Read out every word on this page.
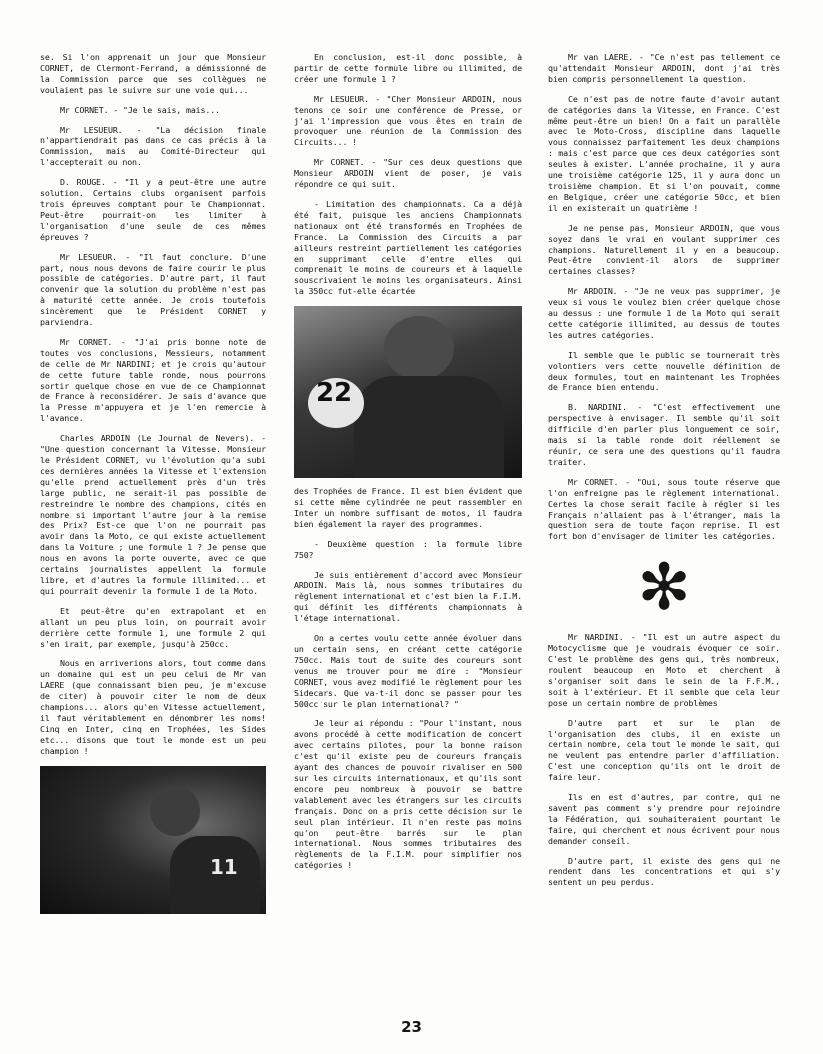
se. Si l'on apprenait un jour que Monsieur CORNET, de Clermont-Ferrand, a démissionné de la Commission parce que ses collègues ne voulaient pas le suivre sur une voie qui...

Mr CORNET. - "Je le sais, mais...

Mr LESUEUR. - "La décision finale n'appartiendrait pas dans ce cas précis à la Commission, mais au Comité-Directeur qui l'accepterait ou non.

D. ROUGE. - "Il y a peut-être une autre solution. Certains clubs organisent parfois trois épreuves comptant pour le Championnat. Peut-être pourrait-on les limiter à l'organisation d'une seule de ces mêmes épreuves ?

Mr LESUEUR. - "Il faut conclure. D'une part, nous nous devons de faire courir le plus possible de catégories. D'autre part, il faut convenir que la solution du problème n'est pas à maturité cette année. Je crois toutefois sincèrement que le Président CORNET y parviendra.

Mr CORNET. - "J'ai pris bonne note de toutes vos conclusions, Messieurs, notamment de celle de Mr NARDINI; et je crois qu'autour de cette future table ronde, nous pourrons sortir quelque chose en vue de ce Championnat de France à reconsidérer. Je sais d'avance que la Presse m'appuyera et je l'en remercie à l'avance.

Charles ARDOIN (Le Journal de Nevers). - "Une question concernant la Vitesse. Monsieur le Président CORNET, vu l'évolution qu'a subi ces dernières années la Vitesse et l'extension qu'elle prend actuellement près d'un très large public, ne serait-il pas possible de restreindre le nombre des champions, cités en nombre si important l'autre jour à la remise des Prix? Est-ce que l'on ne pourrait pas avoir dans la Moto, ce qui existe actuellement dans la Voiture ; une formule 1 ? Je pense que nous en avons la porte ouverte, avec ce que certains journalistes appellent la formule libre, et d'autres la formule illimited... et qui pourrait devenir la formule 1 de la Moto.

Et peut-être qu'en extrapolant et en allant un peu plus loin, on pourrait avoir derrière cette formule 1, une formule 2 qui s'en irait, par exemple, jusqu'à 250cc.

Nous en arriverions alors, tout comme dans un domaine qui est un peu celui de Mr van LAERE (que connaissant bien peu, je m'excuse de citer) à pouvoir citer le nom de deux champions... alors qu'en Vitesse actuellement, il faut véritablement en dénombrer les noms! Cinq en Inter, cinq en Trophées, les Sides etc... disons que tout le monde est un peu champion !

11

En conclusion, est-il donc possible, à partir de cette formule libre ou illimited, de créer une formule 1 ?

Mr LESUEUR. - "Cher Monsieur ARDOIN, nous tenons ce soir une conférence de Presse, or j'ai l'impression que vous êtes en train de provoquer une réunion de la Commission des Circuits... !

Mr CORNET. - "Sur ces deux questions que Monsieur ARDOIN vient de poser, je vais répondre ce qui suit.

- Limitation des championnats. Ca a déjà été fait, puisque les anciens Championnats nationaux ont été transformés en Trophées de France. La Commission des Circuits a par ailleurs restreint partiellement les catégories en supprimant celle d'entre elles qui comprenait le moins de coureurs et à laquelle souscrivaient le moins les organisateurs. Ainsi la 350cc fut-elle écartée

22

des Trophées de France. Il est bien évident que si cette même cylindrée ne peut rassembler en Inter un nombre suffisant de motos, il faudra bien également la rayer des programmes.

- Deuxième question : la formule libre 750?

Je suis entièrement d'accord avec Monsieur ARDOIN. Mais là, nous sommes tributaires du règlement international et c'est bien la F.I.M. qui définit les différents championnats à l'étage international.

On a certes voulu cette année évoluer dans un certain sens, en créant cette catégorie 750cc. Mais tout de suite des coureurs sont venus me trouver pour me dire : "Monsieur CORNET, vous avez modifié le règlement pour les Sidecars. Que va-t-il donc se passer pour les 500cc sur le plan international? "

Je leur ai répondu : "Pour l'instant, nous avons procédé à cette modification de concert avec certains pilotes, pour la bonne raison c'est qu'il existe peu de coureurs français ayant des chances de pouvoir rivaliser en 500 sur les circuits internationaux, et qu'ils sont encore peu nombreux à pouvoir se battre valablement avec les étrangers sur les circuits français. Donc on a pris cette décision sur le seul plan intérieur. Il n'en reste pas moins qu'on peut-être barrés sur le plan international. Nous sommes tributaires des règlements de la F.I.M. pour simplifier nos catégories !

Mr van LAERE. - "Ce n'est pas tellement ce qu'attendait Monsieur ARDOIN, dont j'ai très bien compris personnellement la question.

Ce n'est pas de notre faute d'avoir autant de catégories dans la Vitesse, en France. C'est même peut-être un bien! On a fait un parallèle avec le Moto-Cross, discipline dans laquelle vous connaissez parfaitement les deux champions : mais c'est parce que ces deux catégories sont seules à exister. L'année prochaine, il y aura une troisième catégorie 125, il y aura donc un troisième champion. Et si l'on pouvait, comme en Belgique, créer une catégorie 50cc, et bien il en existerait un quatrième !

Je ne pense pas, Monsieur ARDOIN, que vous soyez dans le vrai en voulant supprimer ces champions. Naturellement il y en a beaucoup. Peut-être convient-il alors de supprimer certaines classes?

Mr ARDOIN. - "Je ne veux pas supprimer, je veux si vous le voulez bien créer quelque chose au dessus : une formule 1 de la Moto qui serait cette catégorie illimited, au dessus de toutes les autres catégories.

Il semble que le public se tournerait très volontiers vers cette nouvelle définition de deux formules, tout en maintenant les Trophées de France bien entendu.

B. NARDINI. - "C'est effectivement une perspective à envisager. Il semble qu'il soit difficile d'en parler plus longuement ce soir, mais si la table ronde doit réellement se réunir, ce sera une des questions qu'il faudra traiter.

Mr CORNET. - "Oui, sous toute réserve que l'on enfreigne pas le règlement international. Certes la chose serait facile à régler si les Français n'allaient pas à l'étranger, mais la question sera de toute façon reprise. Il est fort bon d'envisager de limiter les catégories.

✻

Mr NARDINI. - "Il est un autre aspect du Motocyclisme que je voudrais évoquer ce soir. C'est le problème des gens qui, très nombreux, roulent beaucoup en Moto et cherchent à s'organiser soit dans le sein de la F.F.M., soit à l'extérieur. Et il semble que cela leur pose un certain nombre de problèmes

D'autre part et sur le plan de l'organisation des clubs, il en existe un certain nombre, cela tout le monde le sait, qui ne veulent pas entendre parler d'affiliation. C'est une conception qu'ils ont le droit de faire leur.

Ils en est d'autres, par contre, qui ne savent pas comment s'y prendre pour rejoindre la Fédération, qui souhaiteraient pourtant le faire, qui cherchent et nous écrivent pour nous demander conseil.

D'autre part, il existe des gens qui ne rendent dans les concentrations et qui s'y sentent un peu perdus.

23
